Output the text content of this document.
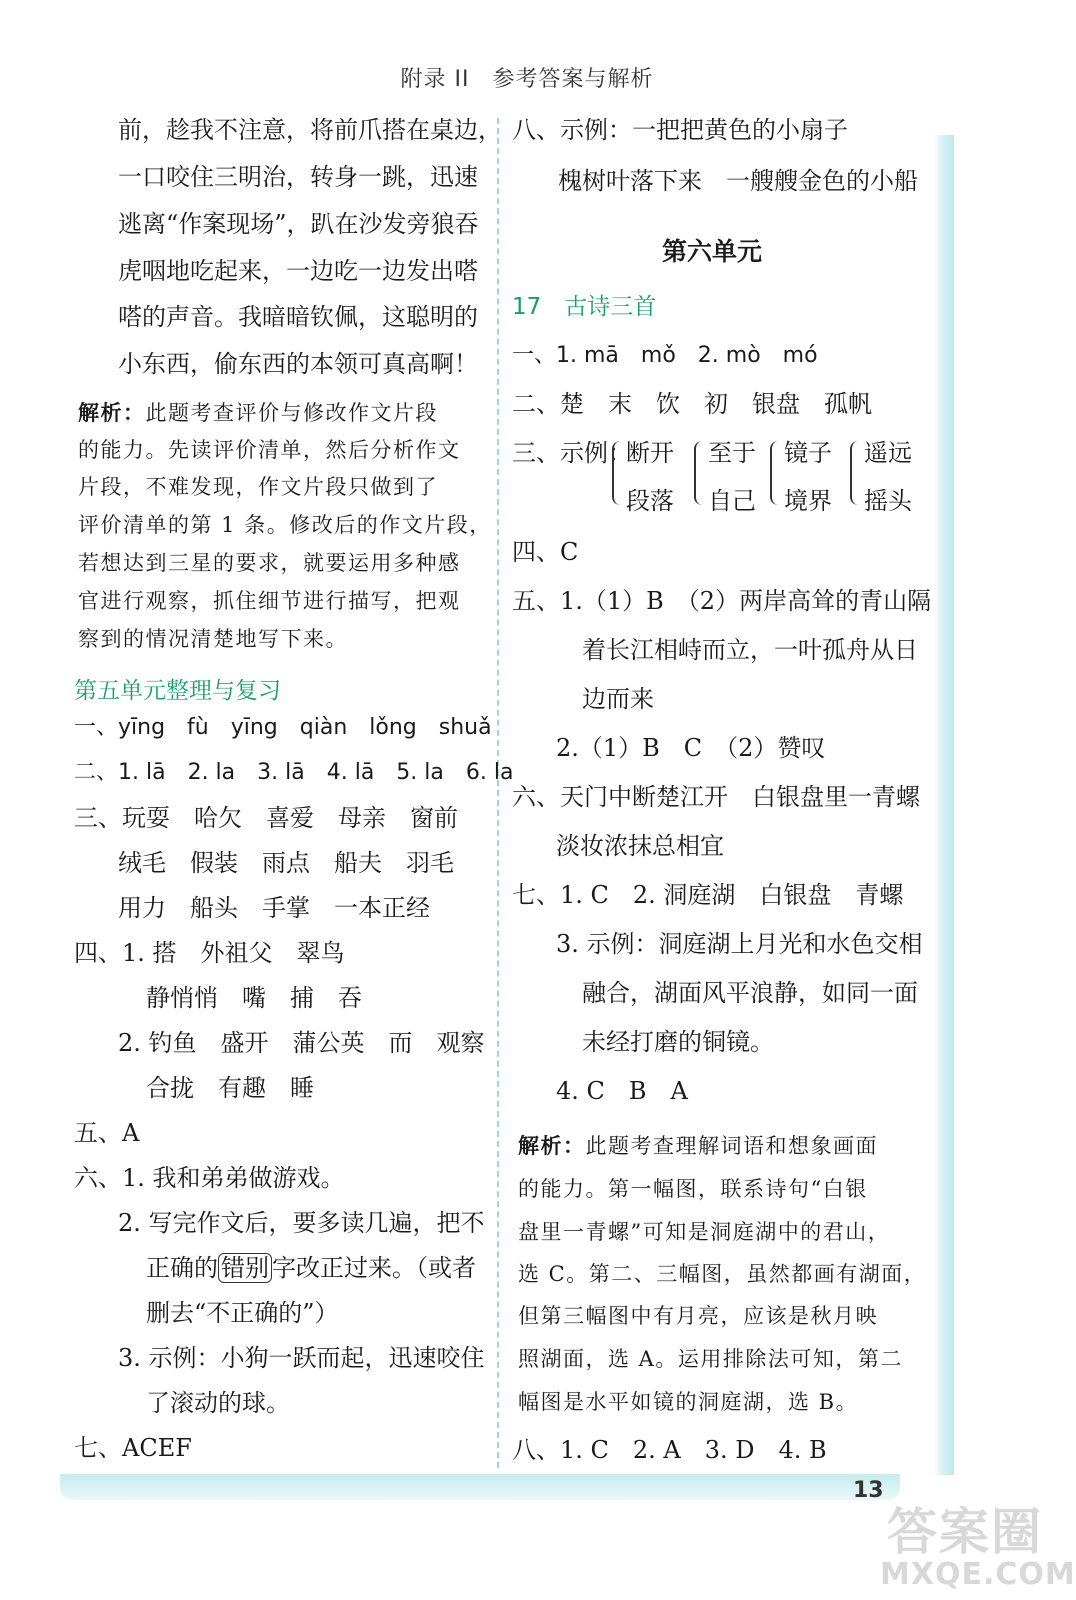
附录 II　参考答案与解析
前，趁我不注意，将前爪搭在桌边，
一口咬住三明治，转身一跳，迅速
逃离“作案现场”，趴在沙发旁狼吞
虎咽地吃起来，一边吃一边发出嗒
嗒的声音。我暗暗钦佩，这聪明的
小东西，偷东西的本领可真高啊！
解析：此题考查评价与修改作文片段
的能力。先读评价清单，然后分析作文
片段，不难发现，作文片段只做到了
评价清单的第 1 条。修改后的作文片段，
若想达到三星的要求，就要运用多种感
官进行观察，抓住细节进行描写，把观
察到的情况清楚地写下来。
第五单元整理与复习
一、yīng　fù　yīng　qiàn　lǒng　shuǎ
二、1. lā　2. la　3. lā　4. lā　5. la　6. la
三、玩耍　哈欠　喜爱　母亲　窗前
绒毛　假装　雨点　船夫　羽毛
用力　船头　手掌　一本正经
四、1. 搭　外祖父　翠鸟
静悄悄　嘴　捕　吞
2. 钓鱼　盛开　蒲公英　而　观察
合拢　有趣　睡
五、A
六、1. 我和弟弟做游戏。
2. 写完作文后，要多读几遍，把不
正确的 错别 字改正过来。（或者
删去“不正确的”）
3. 示例：小狗一跃而起，迅速咬住
了滚动的球。
七、ACEF
八、示例：一把把黄色的小扇子
槐树叶落下来　一艘艘金色的小船
第六单元
17　古诗三首
一、1. mā　mǒ　2. mò　mó
二、楚　末　饮　初　银盘　孤帆
三、示例：
断开
段落
至于
自己
镜子
境界
遥远
摇头
四、C
五、1.（1）B　（2）两岸高耸的青山隔
着长江相峙而立，一叶孤舟从日
边而来
2.（1）B　C　（2）赞叹
六、天门中断楚江开　白银盘里一青螺
淡妆浓抹总相宜
七、1. C　2. 洞庭湖　白银盘　青螺
3. 示例：洞庭湖上月光和水色交相
融合，湖面风平浪静，如同一面
未经打磨的铜镜。
4. C　B　A
解析：此题考查理解词语和想象画面
的能力。第一幅图，联系诗句“白银
盘里一青螺”可知是洞庭湖中的君山，
选 C。第二、三幅图，虽然都画有湖面，
但第三幅图中有月亮，应该是秋月映
照湖面，选 A。运用排除法可知，第二
幅图是水平如镜的洞庭湖，选 B。
八、1. C　2. A　3. D　4. B
13
答案圈
MXQE.COM
